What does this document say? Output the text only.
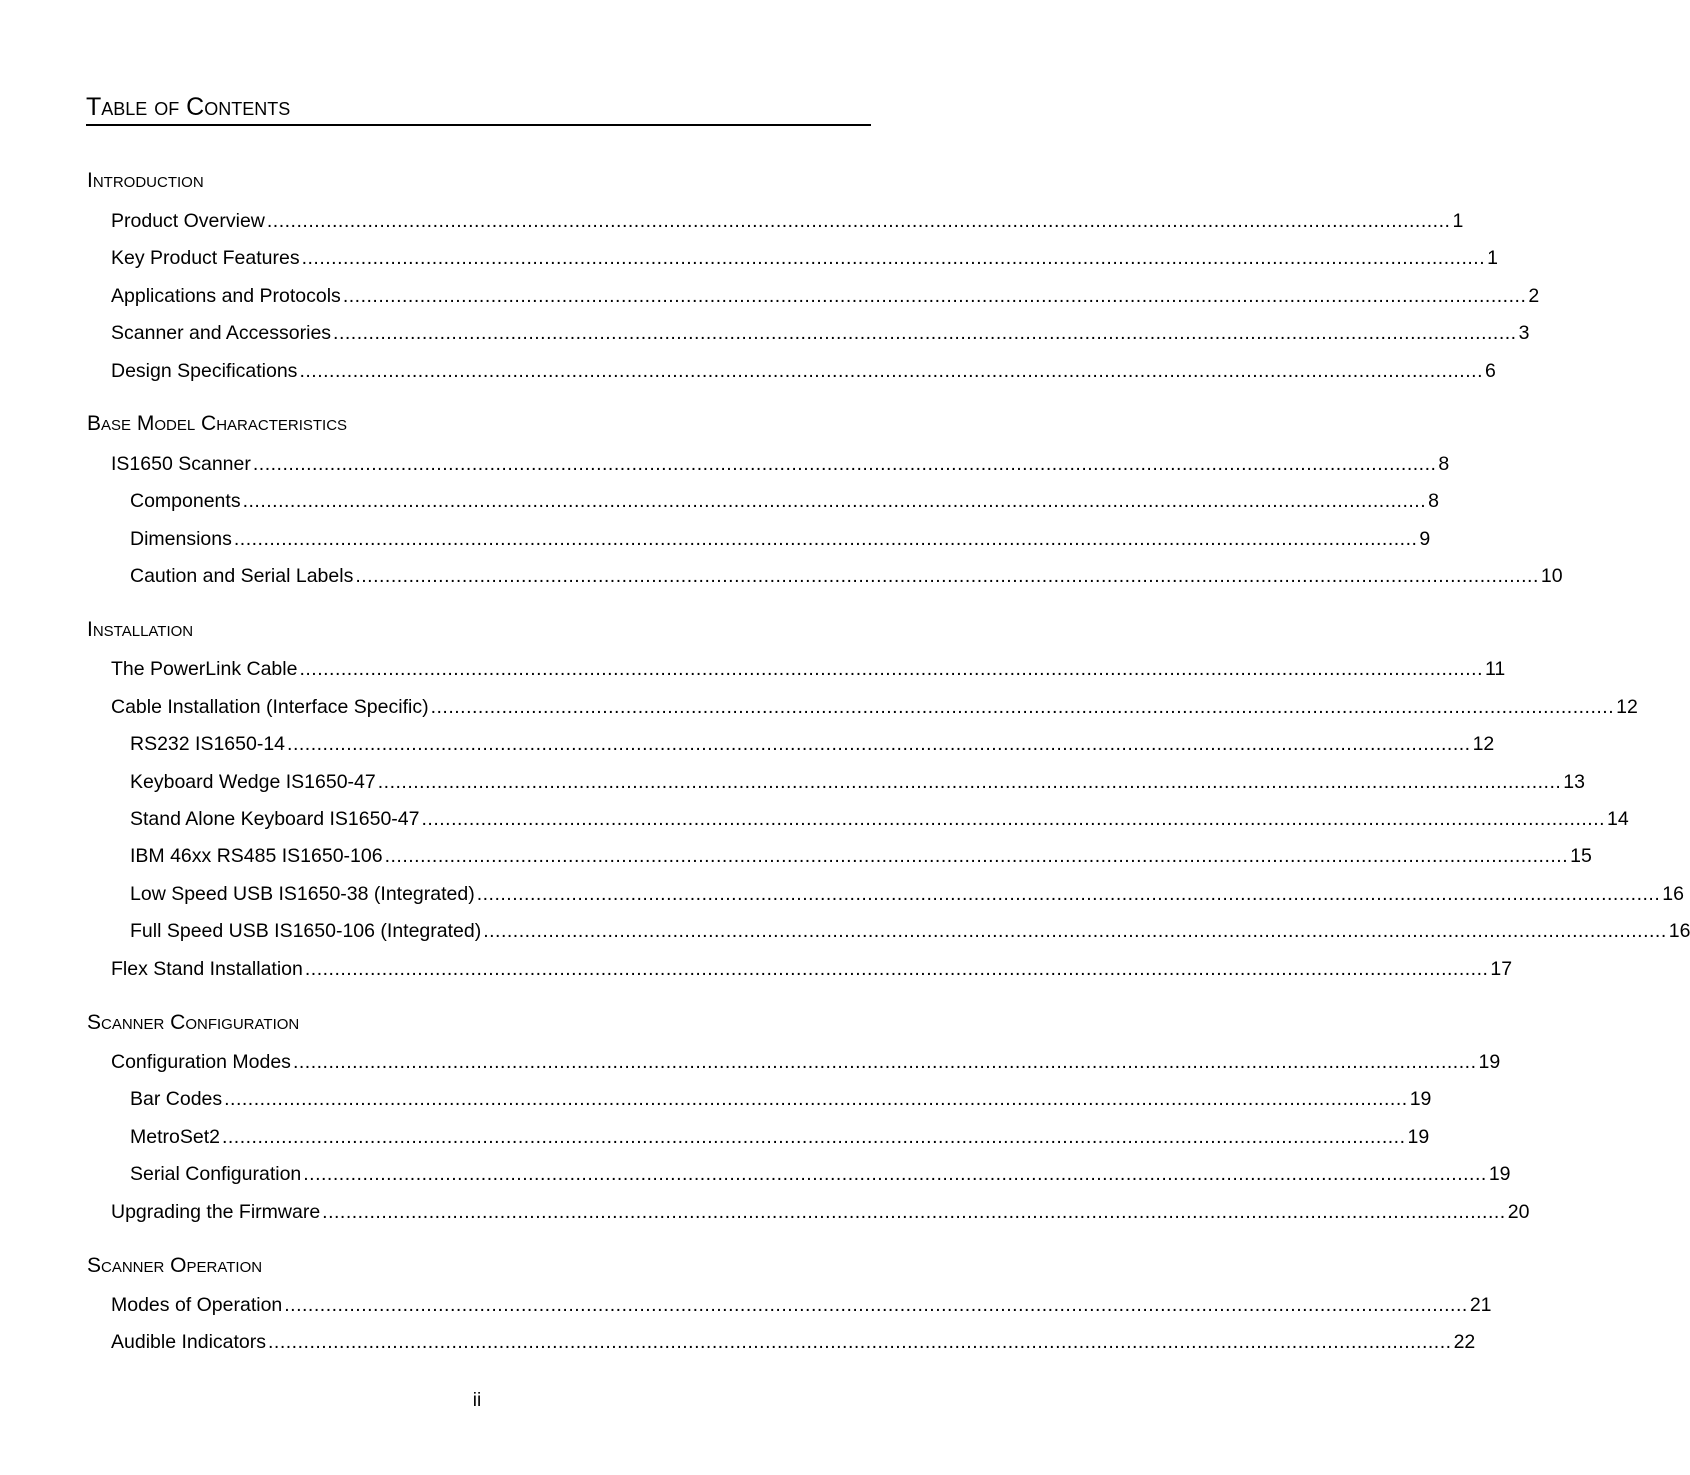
Table of Contents
Introduction
Product Overview ........................................................................................................................................................................................................ 1
Key Product Features ........................................................................................................................................................................................................ 1
Applications and Protocols ........................................................................................................................................................................................................ 2
Scanner and Accessories ........................................................................................................................................................................................................ 3
Design Specifications ........................................................................................................................................................................................................ 6
Base Model Characteristics
IS1650 Scanner ........................................................................................................................................................................................................ 8
Components ........................................................................................................................................................................................................ 8
Dimensions ........................................................................................................................................................................................................ 9
Caution and Serial Labels ........................................................................................................................................................................................................ 10
Installation
The PowerLink Cable ........................................................................................................................................................................................................ 11
Cable Installation (Interface Specific) ........................................................................................................................................................................................................ 12
RS232 IS1650-14 ........................................................................................................................................................................................................ 12
Keyboard Wedge IS1650-47 ........................................................................................................................................................................................................ 13
Stand Alone Keyboard IS1650-47 ........................................................................................................................................................................................................ 14
IBM 46xx RS485 IS1650-106 ........................................................................................................................................................................................................ 15
Low Speed USB IS1650-38 (Integrated) ........................................................................................................................................................................................................ 16
Full Speed USB IS1650-106 (Integrated) ........................................................................................................................................................................................................ 16
Flex Stand Installation ........................................................................................................................................................................................................ 17
Scanner Configuration
Configuration Modes ........................................................................................................................................................................................................ 19
Bar Codes ........................................................................................................................................................................................................ 19
MetroSet2 ........................................................................................................................................................................................................ 19
Serial Configuration ........................................................................................................................................................................................................ 19
Upgrading the Firmware ........................................................................................................................................................................................................ 20
Scanner Operation
Modes of Operation ........................................................................................................................................................................................................ 21
Audible Indicators ........................................................................................................................................................................................................ 22
ii
